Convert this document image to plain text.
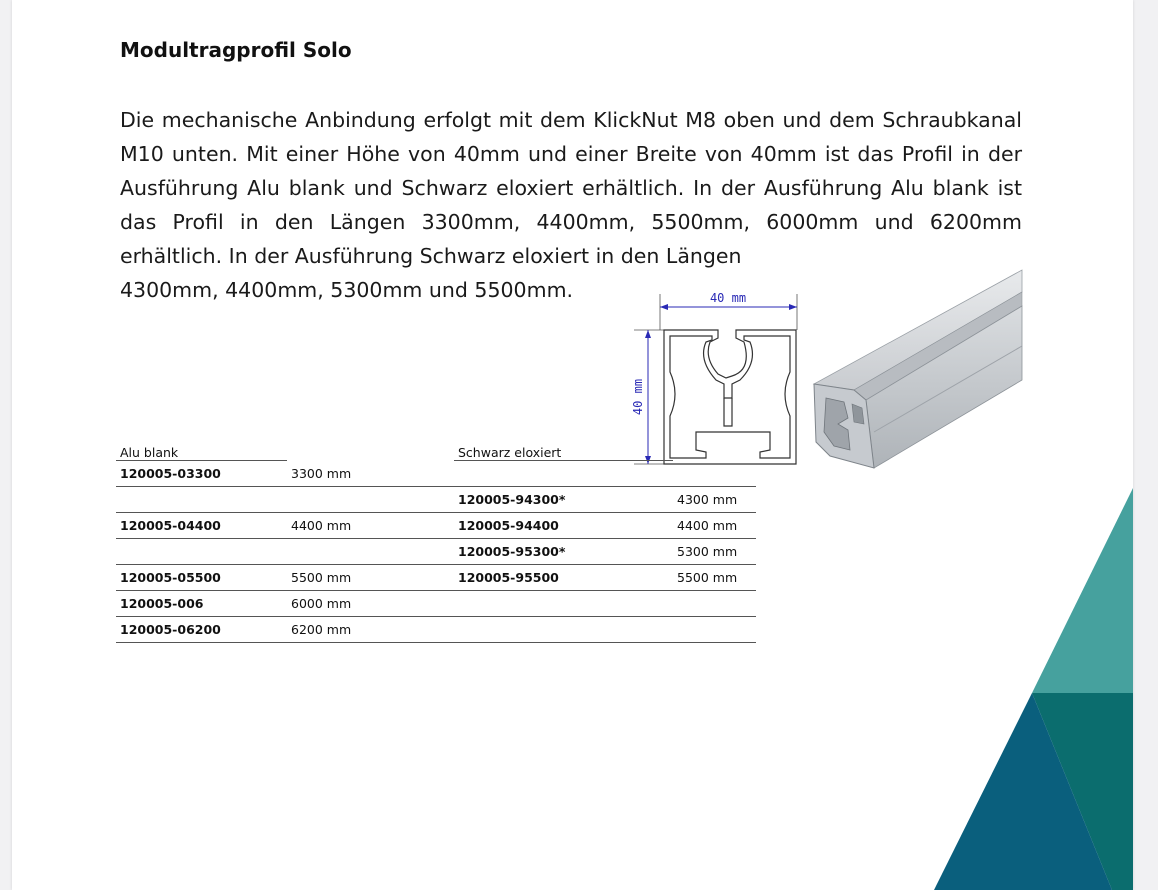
Modultragprofil Solo

Die mechanische Anbindung erfolgt mit dem KlickNut M8 oben und dem Schraubkanal M10 unten. Mit einer Höhe von 40mm und einer Breite von 40mm ist das Profil in der Ausführung Alu blank und Schwarz eloxiert erhältlich. In der Ausführung Alu blank ist das Profil in den Längen 3300mm, 4400mm, 5500mm, 6000mm und 6200mm erhältlich. In der Ausführung Schwarz eloxiert in den Längen

4300mm, 4400mm, 5300mm und 5500mm.	40 mm
40 mm
Alu blank		Schwarz eloxiert	
120005-03300	3300 mm		
		120005-94300*	4300 mm
120005-04400	4400 mm	120005-94400	4400 mm
		120005-95300*	5300 mm
120005-05500	5500 mm	120005-95500	5500 mm
120005-006	6000 mm		
120005-06200	6200 mm		
